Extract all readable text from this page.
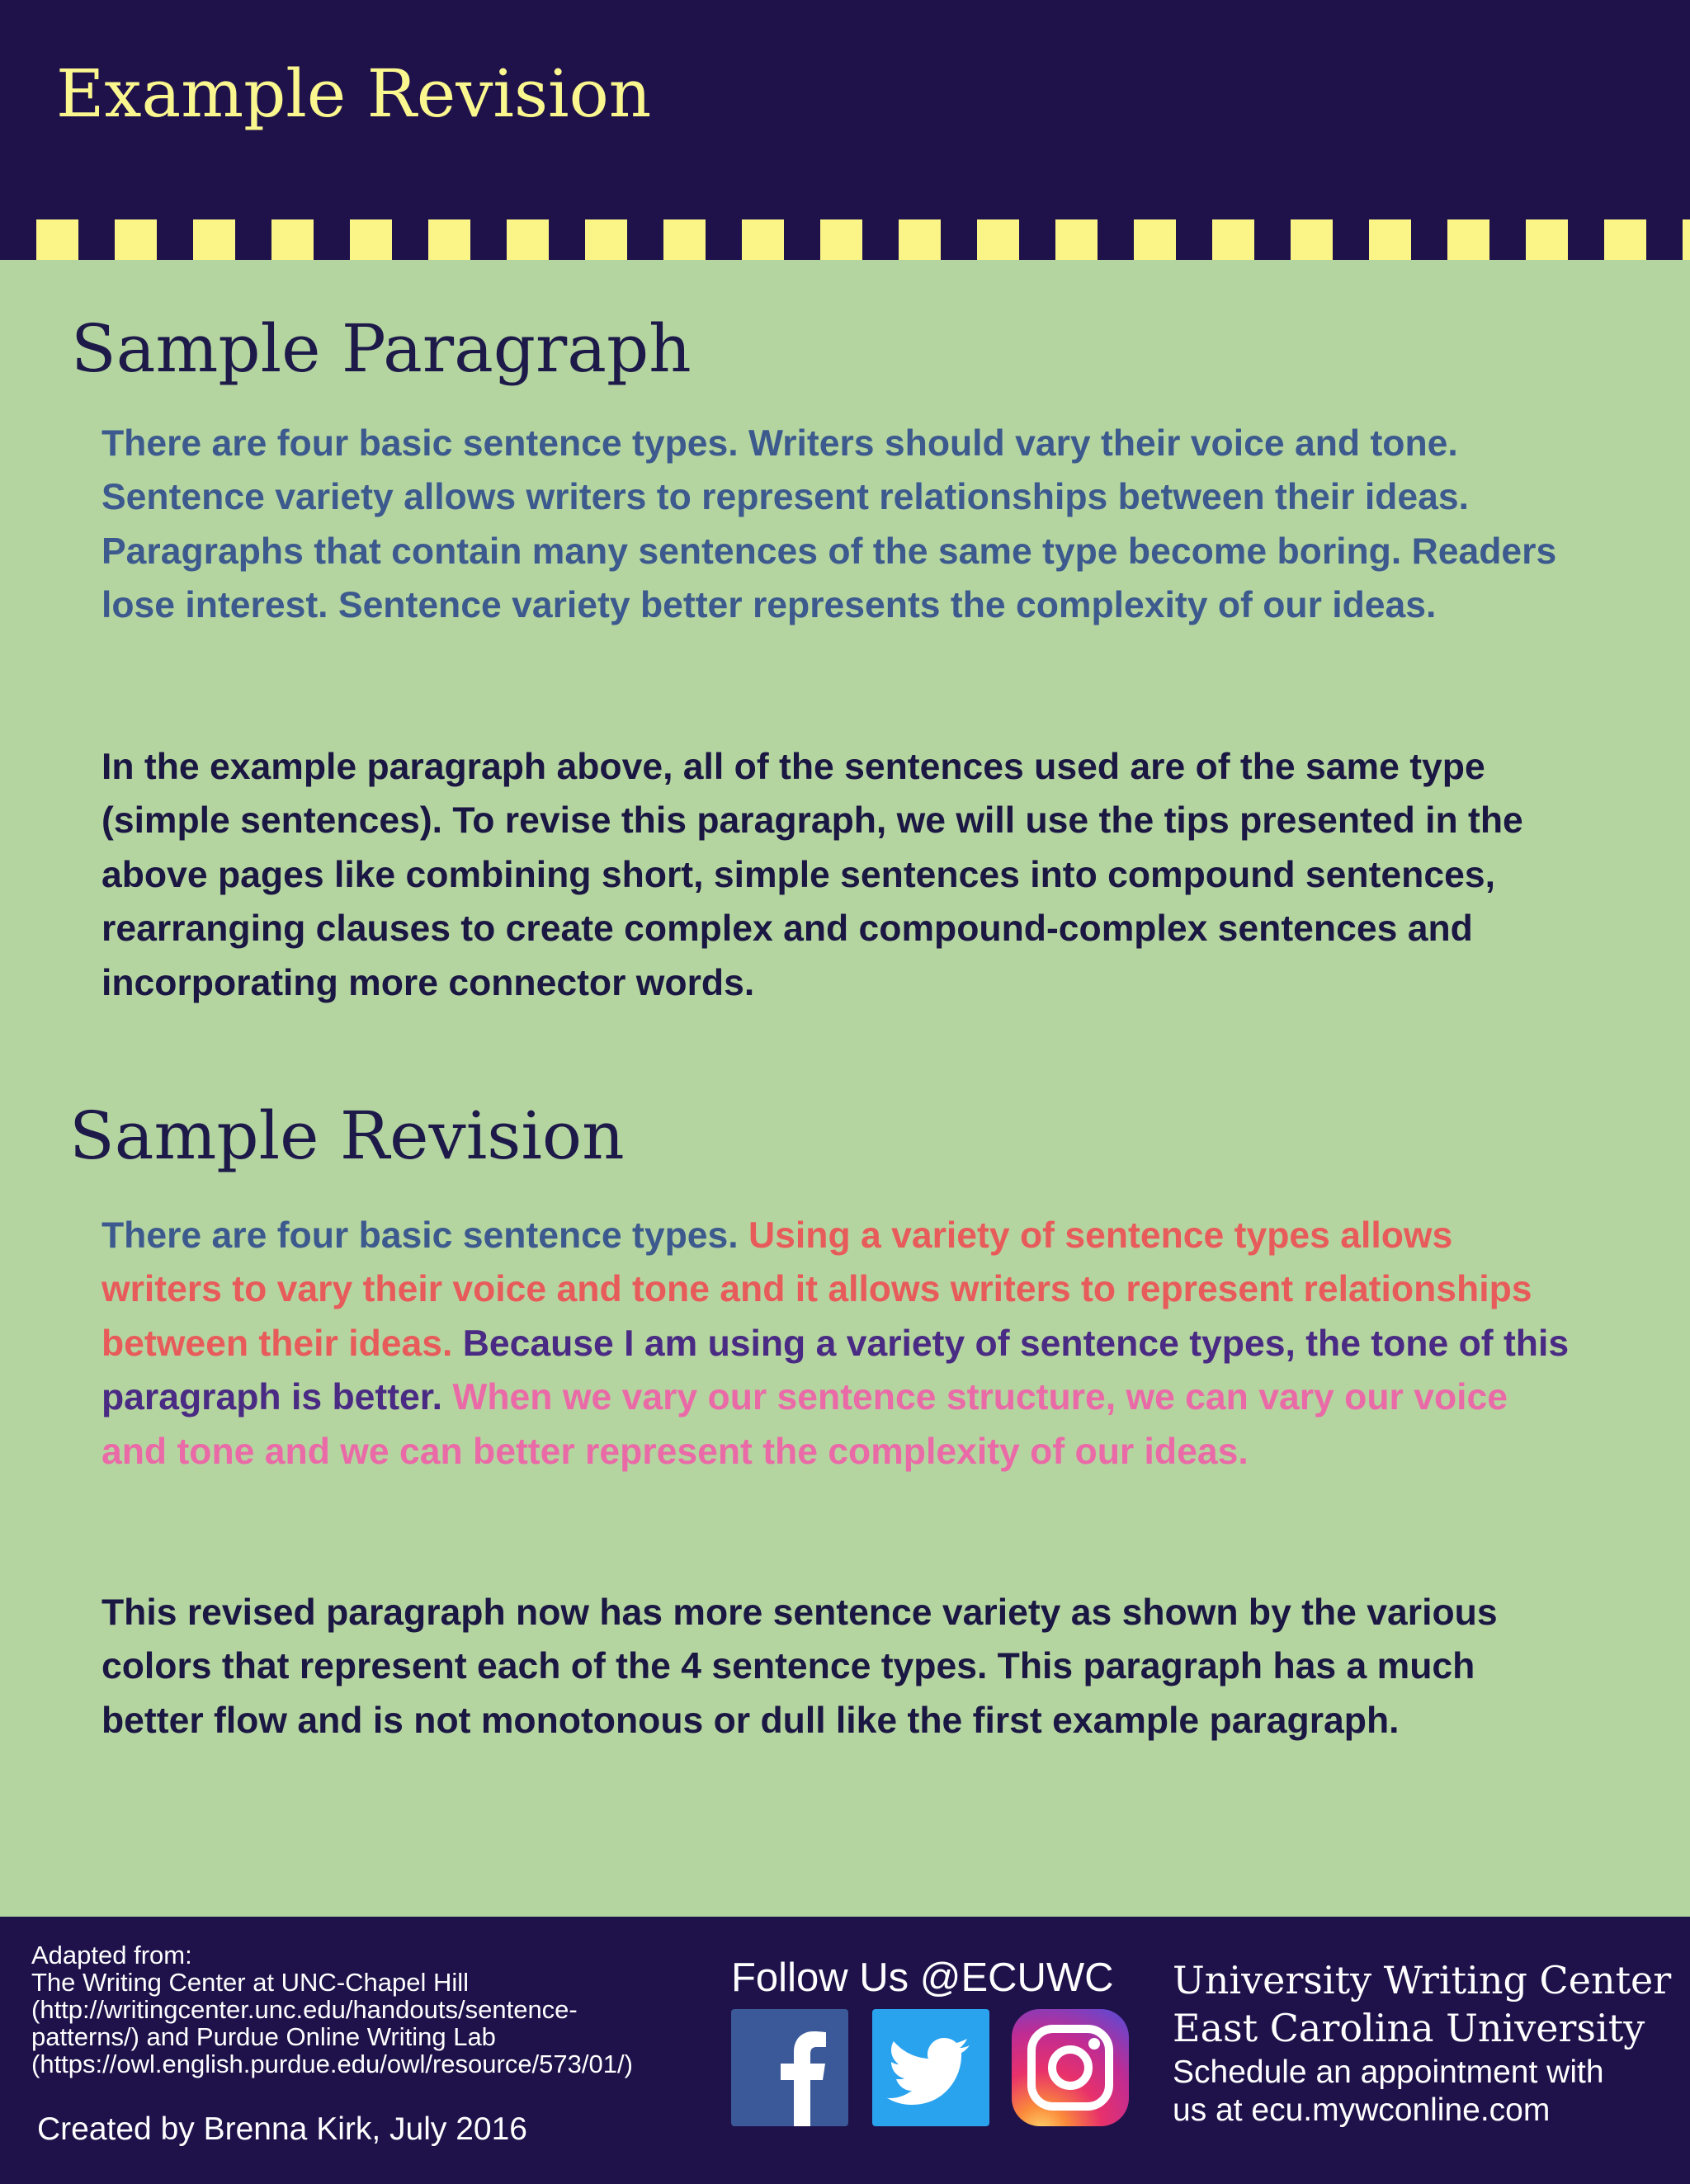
Example Revision
Sample Paragraph

There are four basic sentence types. Writers should vary their voice and tone. Sentence variety allows writers to represent relationships between their ideas. Paragraphs that contain many sentences of the same type become boring. Readers lose interest. Sentence variety better represents the complexity of our ideas.

In the example paragraph above, all of the sentences used are of the same type (simple sentences). To revise this paragraph, we will use the tips presented in the above pages like combining short, simple sentences into compound sentences, rearranging clauses to create complex and compound-complex sentences and incorporating more connector words.

Sample Revision

There are four basic sentence types. Using a variety of sentence types allows writers to vary their voice and tone and it allows writers to represent relationships between their ideas. Because I am using a variety of sentence types, the tone of this paragraph is better. When we vary our sentence structure, we can vary our voice and tone and we can better represent the complexity of our ideas.

This revised paragraph now has more sentence variety as shown by the various colors that represent each of the 4 sentence types. This paragraph has a much better flow and is not monotonous or dull like the first example paragraph.

Adapted from:
The Writing Center at UNC-Chapel Hill
(http://writingcenter.unc.edu/handouts/sentence-
patterns/) and Purdue Online Writing Lab
(https://owl.english.purdue.edu/owl/resource/573/01/)
Created by Brenna Kirk, July 2016
Follow Us @ECUWC University Writing Center
East Carolina University
Schedule an appointment with
us at ecu.mywconline.com
